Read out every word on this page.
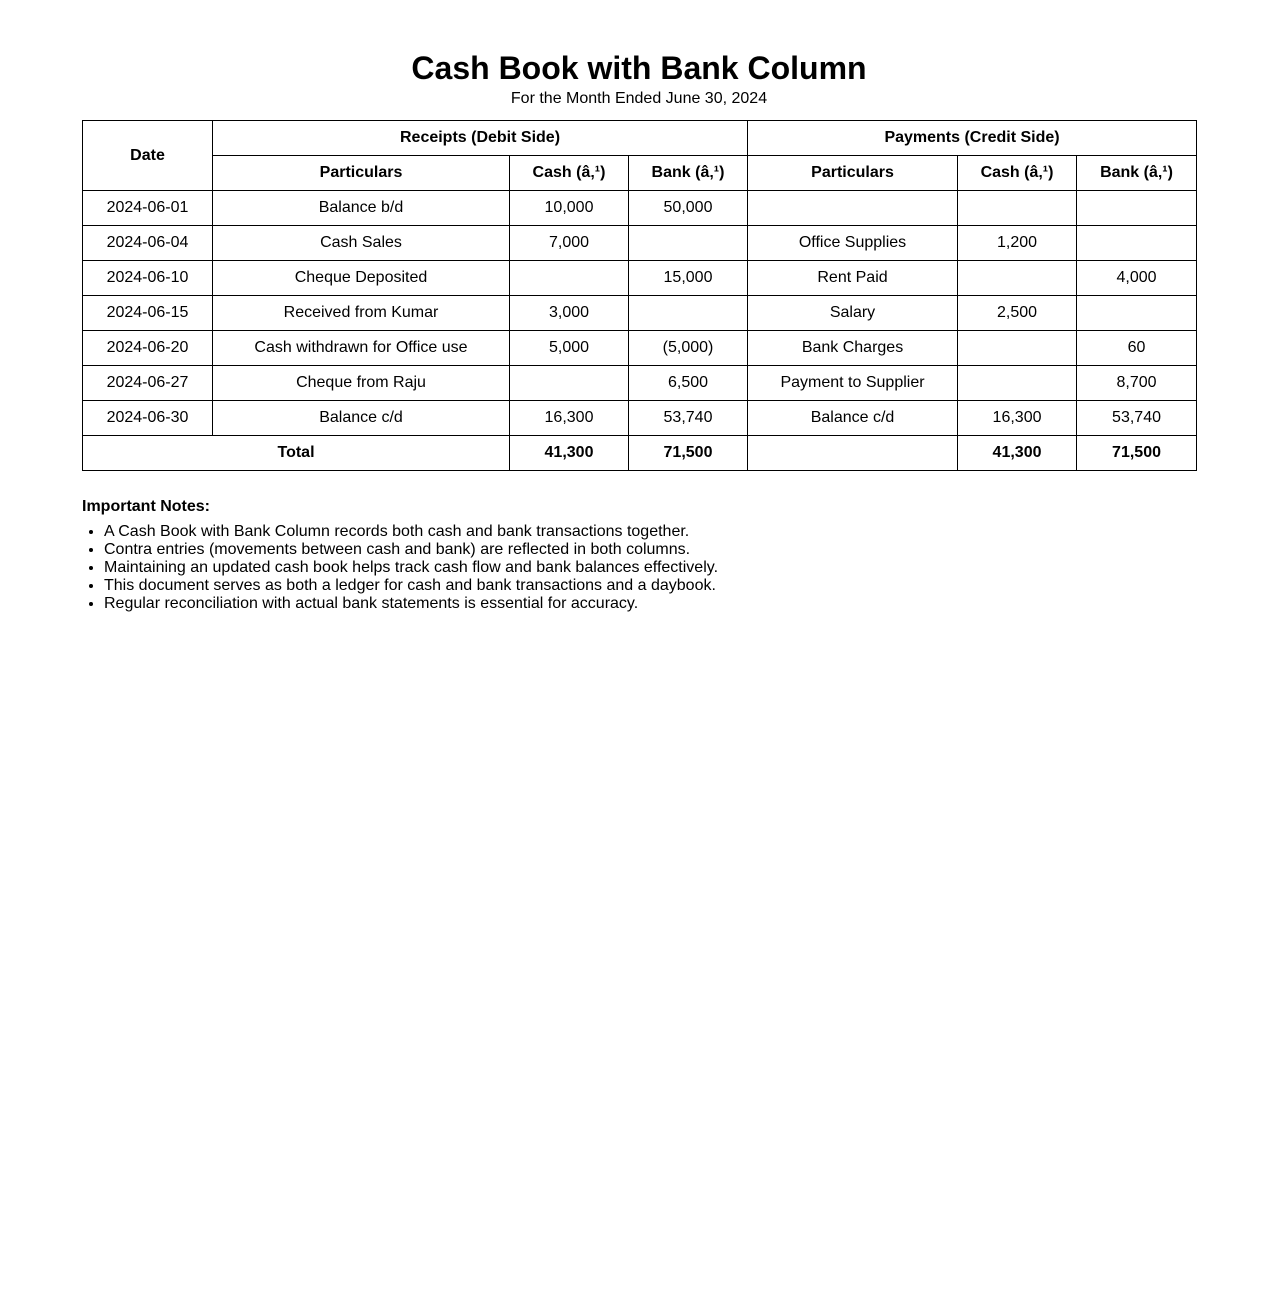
Cash Book with Bank Column

For the Month Ended June 30, 2024

Date	Receipts (Debit Side)			Payments (Credit Side)		
	Particulars	Cash (â‚¹)	Bank (â‚¹)	Particulars	Cash (â‚¹)	Bank (â‚¹)
2024-06-01	Balance b/d	10,000	50,000			
2024-06-04	Cash Sales	7,000		Office Supplies	1,200	
2024-06-10	Cheque Deposited		15,000	Rent Paid		4,000
2024-06-15	Received from Kumar	3,000		Salary	2,500	
2024-06-20	Cash withdrawn for Office use	5,000	(5,000)	Bank Charges		60
2024-06-27	Cheque from Raju		6,500	Payment to Supplier		8,700
2024-06-30	Balance c/d	16,300	53,740	Balance c/d	16,300	53,740
Total		41,300	71,500		41,300	71,500
Important Notes:
• A Cash Book with Bank Column records both cash and bank transactions together.
• Contra entries (movements between cash and bank) are reflected in both columns.
• Maintaining an updated cash book helps track cash flow and bank balances effectively.
• This document serves as both a ledger for cash and bank transactions and a daybook.
• Regular reconciliation with actual bank statements is essential for accuracy.
